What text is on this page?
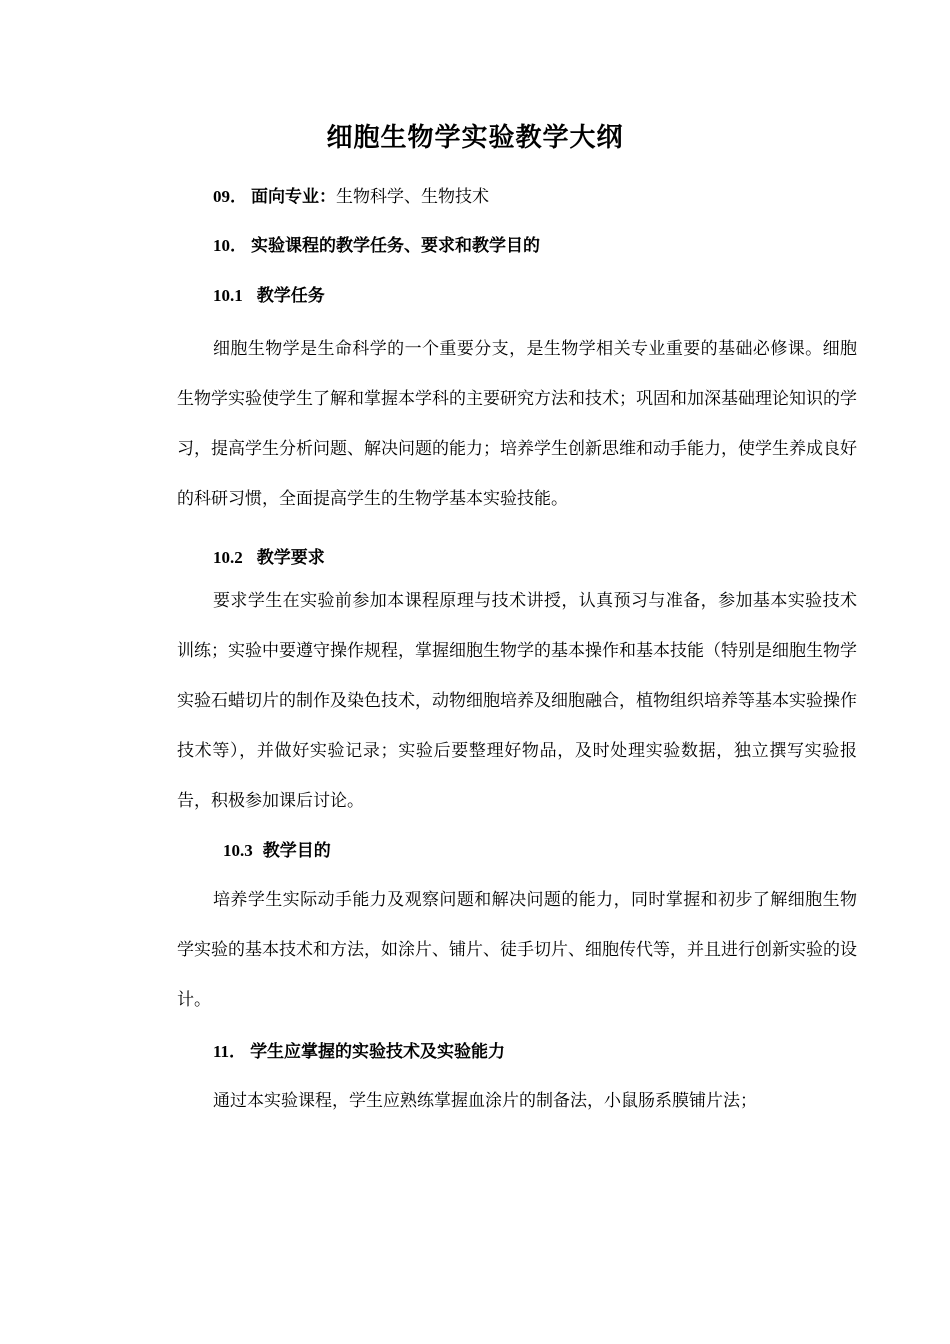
细胞生物学实验教学大纲
09． 面向专业：生物科学、生物技术
10． 实验课程的教学任务、要求和教学目的
10.1 教学任务
细胞生物学是生命科学的一个重要分支，是生物学相关专业重要的基础必修课。细胞生物学实验使学生了解和掌握本学科的主要研究方法和技术；巩固和加深基础理论知识的学习，提高学生分析问题、解决问题的能力；培养学生创新思维和动手能力，使学生养成良好的科研习惯，全面提高学生的生物学基本实验技能。
10.2 教学要求
要求学生在实验前参加本课程原理与技术讲授，认真预习与准备，参加基本实验技术训练；实验中要遵守操作规程，掌握细胞生物学的基本操作和基本技能（特别是细胞生物学实验石蜡切片的制作及染色技术，动物细胞培养及细胞融合，植物组织培养等基本实验操作技术等），并做好实验记录；实验后要整理好物品，及时处理实验数据，独立撰写实验报告，积极参加课后讨论。
10.3 教学目的
培养学生实际动手能力及观察问题和解决问题的能力，同时掌握和初步了解细胞生物学实验的基本技术和方法，如涂片、铺片、徒手切片、细胞传代等，并且进行创新实验的设计。
11． 学生应掌握的实验技术及实验能力
通过本实验课程，学生应熟练掌握血涂片的制备法，小鼠肠系膜铺片法；
